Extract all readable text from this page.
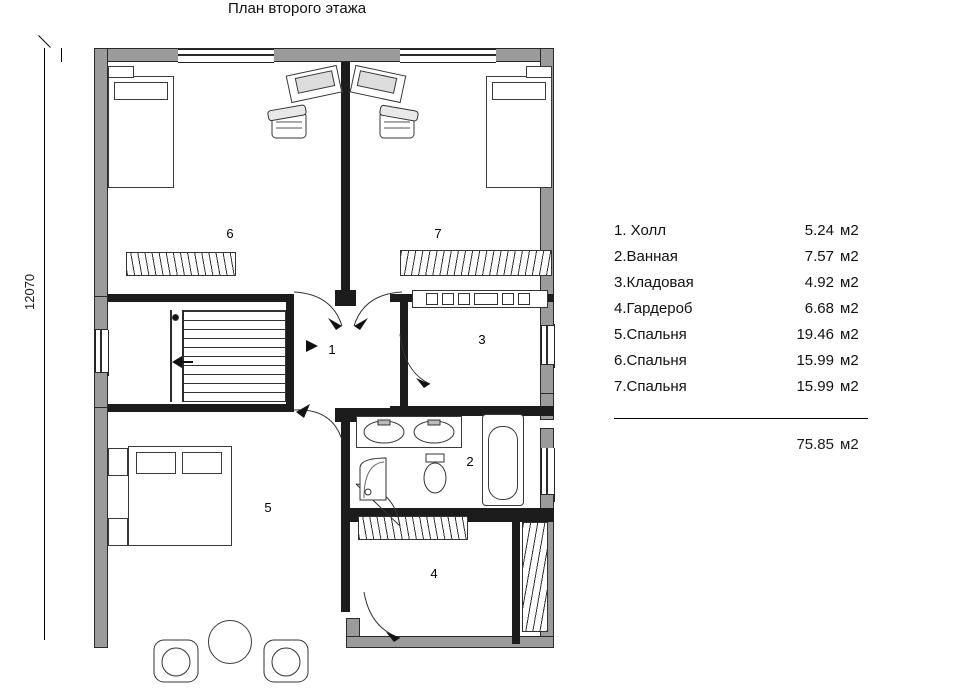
План второго этажа
12070
6	7
1
3
2
5
4
1. Холл	5.24 м2
2.Ванная	7.57 м2
3.Кладовая	4.92 м2
4.Гардероб	6.68 м2
5.Спальня	19.46 м2
6.Спальня	15.99 м2
7.Спальня	15.99 м2
75.85 м2
